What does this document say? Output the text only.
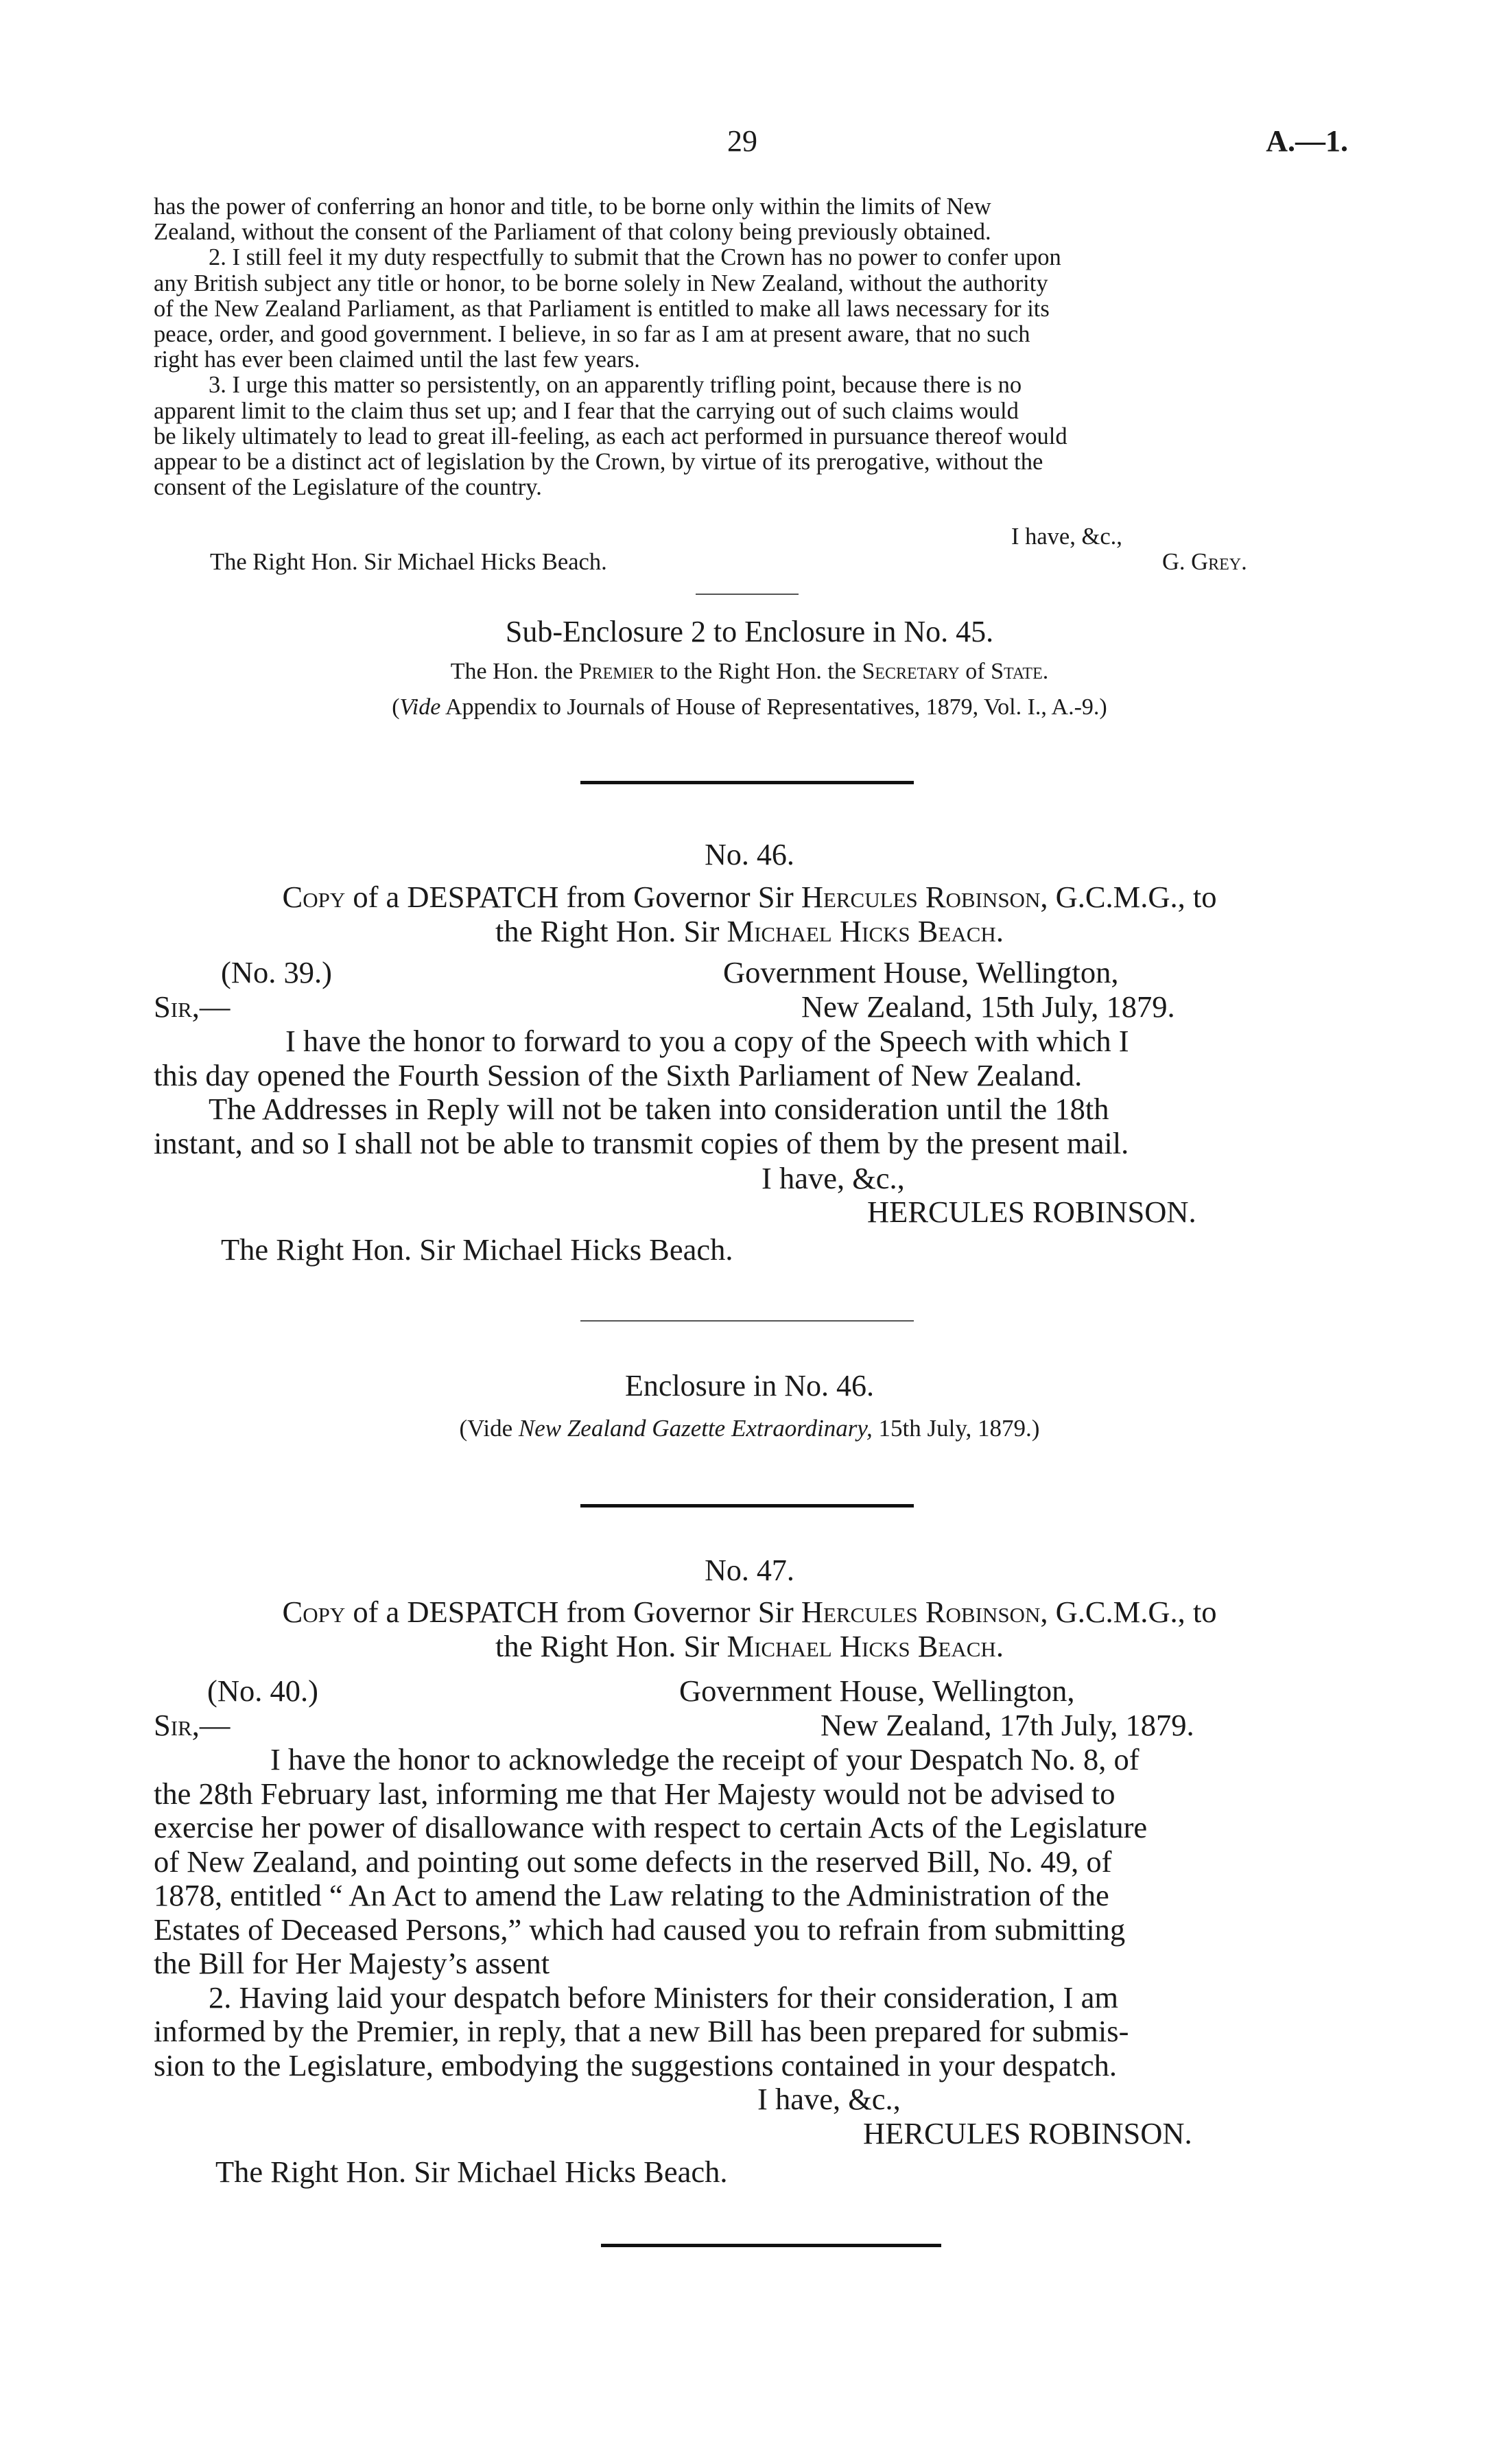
29	A.—1.

has the power of conferring an honor and title, to be borne only within the limits of New

Zealand, without the consent of the Parliament of that colony being previously obtained.

2. I still feel it my duty respectfully to submit that the Crown has no power to confer upon

any British subject any title or honor, to be borne solely in New Zealand, without the authority

of the New Zealand Parliament, as that Parliament is entitled to make all laws necessary for its

peace, order, and good government. I believe, in so far as I am at present aware, that no such

right has ever been claimed until the last few years.

3. I urge this matter so persistently, on an apparently trifling point, because there is no

apparent limit to the claim thus set up; and I fear that the carrying out of such claims would

be likely ultimately to lead to great ill-feeling, as each act performed in pursuance thereof would

appear to be a distinct act of legislation by the Crown, by virtue of its prerogative, without the

consent of the Legislature of the country.

I have, &c.,
The Right Hon. Sir Michael Hicks Beach.	G. Grey.

Sub-Enclosure 2 to Enclosure in No. 45.

The Hon. the Premier to the Right Hon. the Secretary of State.

(Vide Appendix to Journals of House of Representatives, 1879, Vol. I., A.-9.)

No. 46.

Copy of a DESPATCH from Governor Sir Hercules Robinson, G.C.M.G., to

the Right Hon. Sir Michael Hicks Beach.

(No. 39.)	Government House, Wellington,
Sir,—	New Zealand, 15th July, 1879.

I have the honor to forward to you a copy of the Speech with which I

this day opened the Fourth Session of the Sixth Parliament of New Zealand.

The Addresses in Reply will not be taken into consideration until the 18th

instant, and so I shall not be able to transmit copies of them by the present mail.

I have, &c.,
HERCULES ROBINSON.
The Right Hon. Sir Michael Hicks Beach.

Enclosure in No. 46.

(Vide New Zealand Gazette Extraordinary, 15th July, 1879.)

No. 47.

Copy of a DESPATCH from Governor Sir Hercules Robinson, G.C.M.G., to

the Right Hon. Sir Michael Hicks Beach.

(No. 40.)	Government House, Wellington,
Sir,—	New Zealand, 17th July, 1879.

I have the honor to acknowledge the receipt of your Despatch No. 8, of

the 28th February last, informing me that Her Majesty would not be advised to

exercise her power of disallowance with respect to certain Acts of the Legislature

of New Zealand, and pointing out some defects in the reserved Bill, No. 49, of

1878, entitled “ An Act to amend the Law relating to the Administration of the

Estates of Deceased Persons,” which had caused you to refrain from submitting

the Bill for Her Majesty’s assent

2. Having laid your despatch before Ministers for their consideration, I am

informed by the Premier, in reply, that a new Bill has been prepared for submis-

sion to the Legislature, embodying the suggestions contained in your despatch.

I have, &c.,
HERCULES ROBINSON.
The Right Hon. Sir Michael Hicks Beach.
